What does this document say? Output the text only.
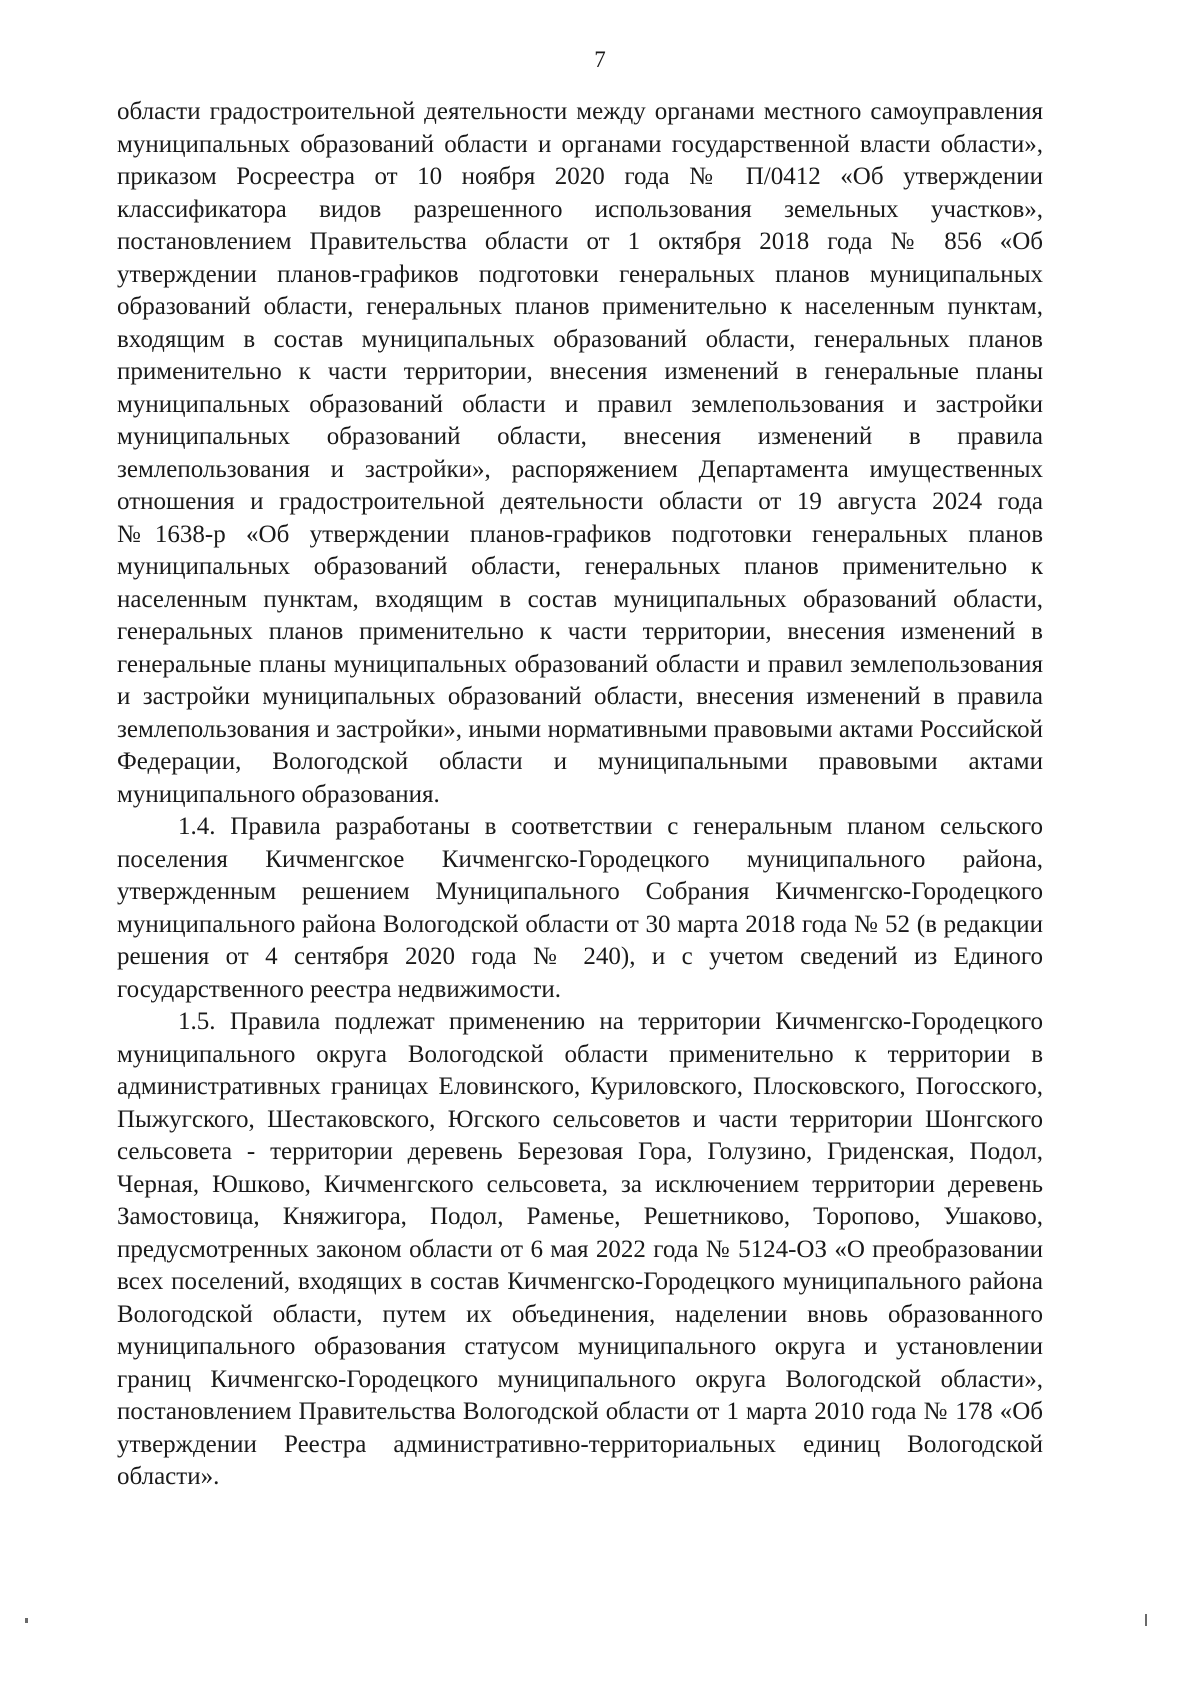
7

области градостроительной деятельности между органами местного самоуправления муниципальных образований области и органами государственной власти области», приказом Росреестра от 10 ноября 2020 года № П/0412 «Об утверждении классификатора видов разрешенного использования земельных участков», постановлением Правительства области от 1 октября 2018 года № 856 «Об утверждении планов-графиков подготовки генеральных планов муниципальных образований области, генеральных планов применительно к населенным пунктам, входящим в состав муниципальных образований области, генеральных планов применительно к части территории, внесения изменений в генеральные планы муниципальных образований области и правил землепользования и застройки муниципальных образований области, внесения изменений в правила землепользования и застройки», распоряжением Департамента имущественных отношения и градостроительной деятельности области от 19 августа 2024 года №1638-р «Об утверждении планов-графиков подготовки генеральных планов муниципальных образований области, генеральных планов применительно к населенным пунктам, входящим в состав муниципальных образований области, генеральных планов применительно к части территории, внесения изменений в генеральные планы муниципальных образований области и правил землепользования и застройки муниципальных образований области, внесения изменений в правила землепользования и застройки», иными нормативными правовыми актами Российской Федерации, Вологодской области и муниципальными правовыми актами муниципального образования.

1.4. Правила разработаны в соответствии с генеральным планом сельского поселения Кичменгское Кичменгско-Городецкого муниципального района, утвержденным решением Муниципального Собрания Кичменгско-Городецкого муниципального района Вологодской области от 30 марта 2018 года № 52 (в редакции решения от 4 сентября 2020 года № 240), и с учетом сведений из Единого государственного реестра недвижимости.

1.5. Правила подлежат применению на территории Кичменгско-Городецкого муниципального округа Вологодской области применительно к территории в административных границах Еловинского, Куриловского, Плосковского, Погосского, Пыжугского, Шестаковского, Югского сельсоветов и части территории Шонгского сельсовета - территории деревень Березовая Гора, Голузино, Гриденская, Подол, Черная, Юшково, Кичменгского сельсовета, за исключением территории деревень Замостовица, Княжигора, Подол, Раменье, Решетниково, Торопово, Ушаково, предусмотренных законом области от 6 мая 2022 года № 5124-ОЗ «О преобразовании всех поселений, входящих в состав Кичменгско-Городецкого муниципального района Вологодской области, путем их объединения, наделении вновь образованного муниципального образования статусом муниципального округа и установлении границ Кичменгско-Городецкого муниципального округа Вологодской области», постановлением Правительства Вологодской области от 1 марта 2010 года № 178 «Об утверждении Реестра административно-территориальных единиц Вологодской области».
